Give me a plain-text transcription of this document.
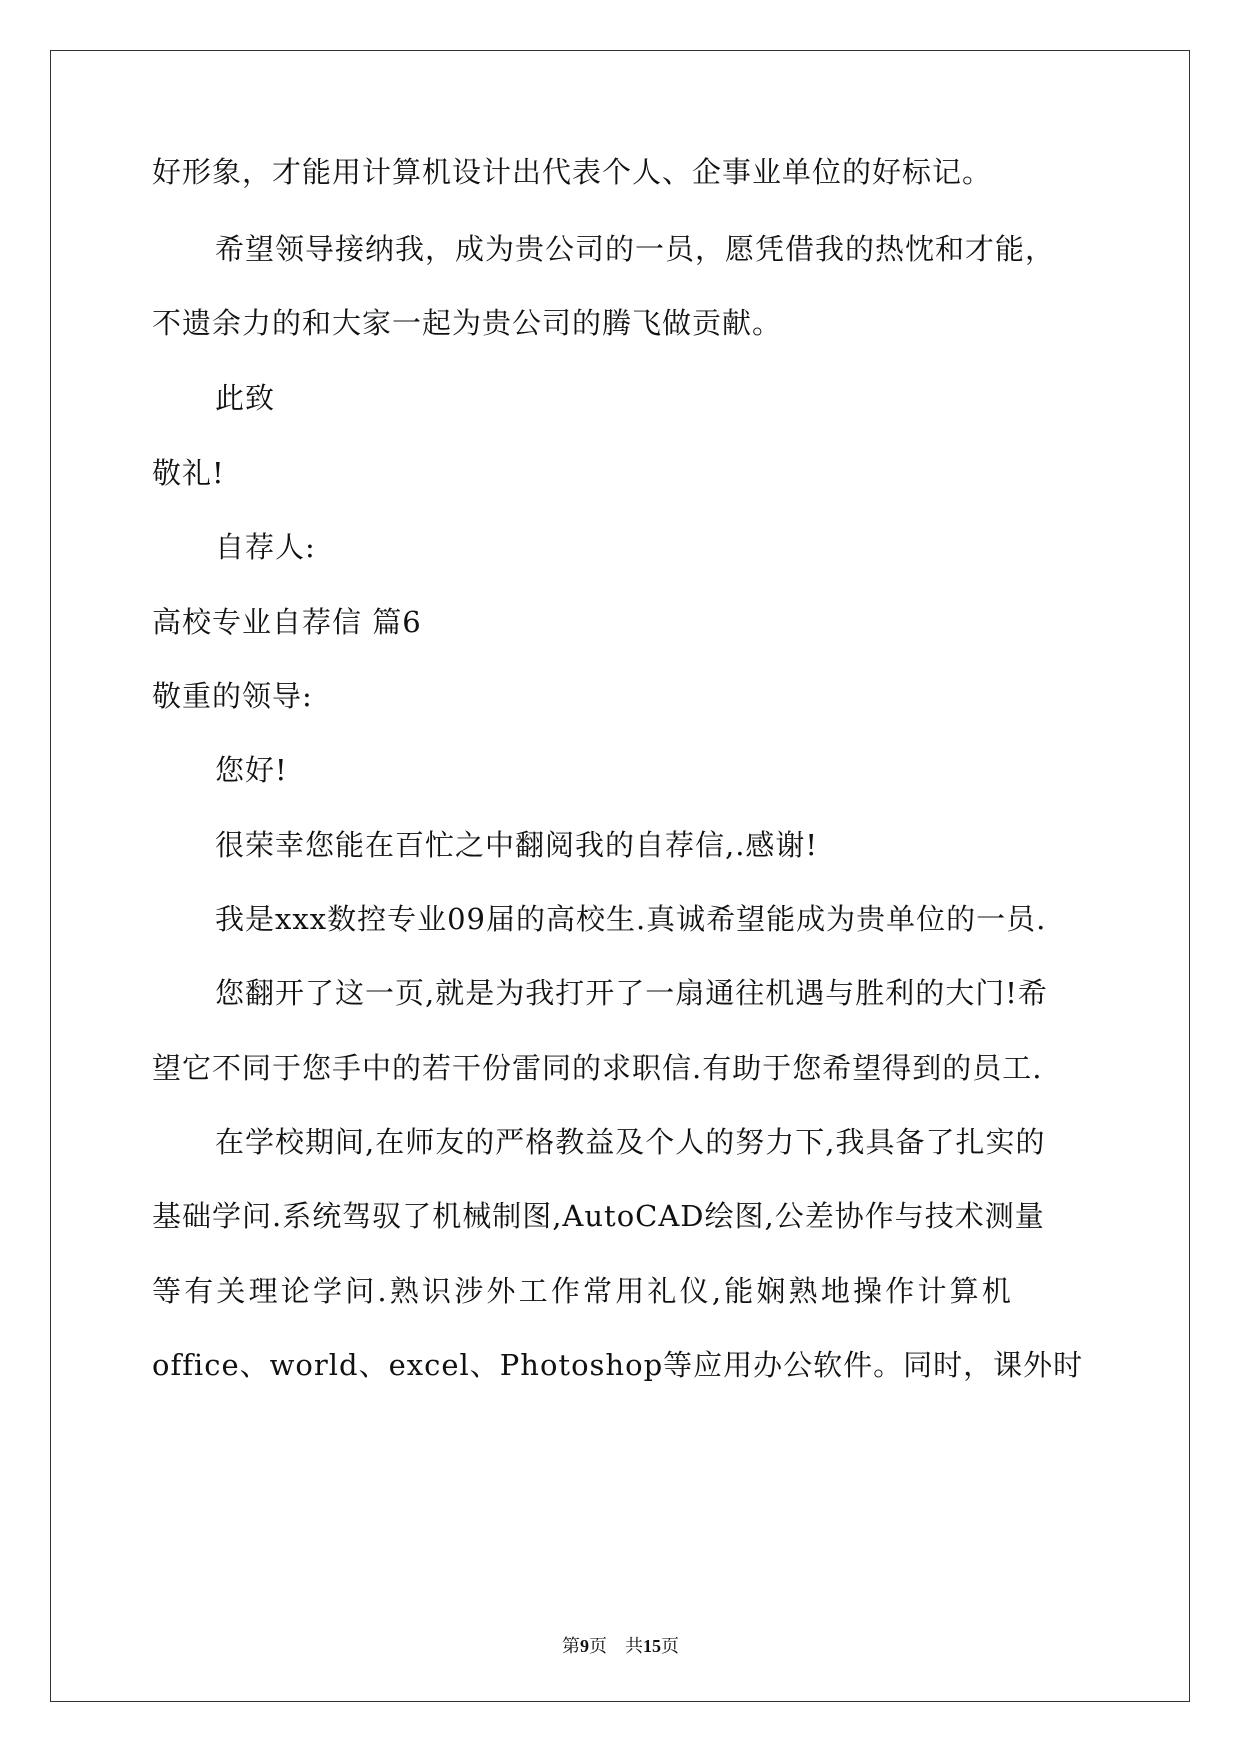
好形象，才能用计算机设计出代表个人、企事业单位的好标记。
希望领导接纳我，成为贵公司的一员，愿凭借我的热忱和才能，
不遗余力的和大家一起为贵公司的腾飞做贡献。
此致
敬礼!
自荐人:
高校专业自荐信 篇6
敬重的领导:
您好!
很荣幸您能在百忙之中翻阅我的自荐信,.感谢!
我是xxx数控专业09届的高校生.真诚希望能成为贵单位的一员.
您翻开了这一页,就是为我打开了一扇通往机遇与胜利的大门!希
望它不同于您手中的若干份雷同的求职信.有助于您希望得到的员工.
在学校期间,在师友的严格教益及个人的努力下,我具备了扎实的
基础学问.系统驾驭了机械制图,AutoCAD绘图,公差协作与技术测量
等有关理论学问.熟识涉外工作常用礼仪,能娴熟地操作计算机
office、world、excel、Photoshop等应用办公软件。同时，课外时
第9页　共15页
